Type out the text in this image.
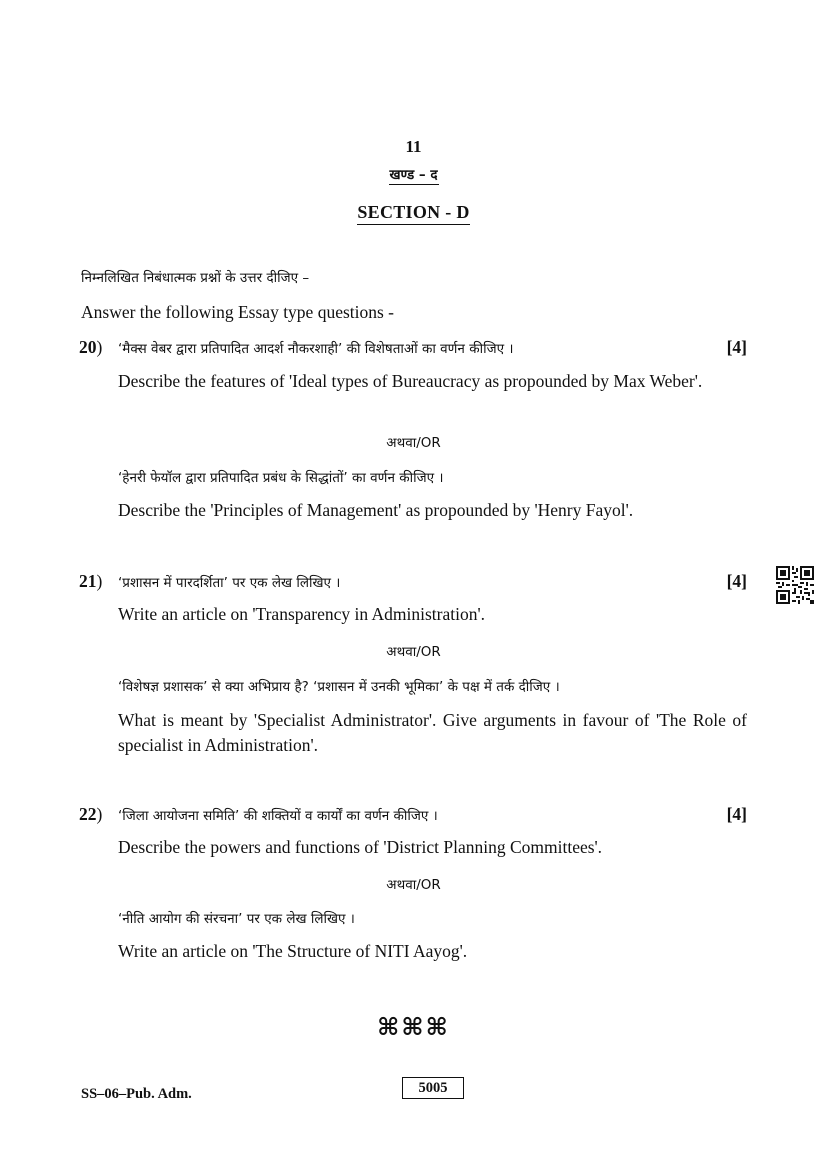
11
खण्ड – द
SECTION - D
निम्नलिखित निबंधात्मक प्रश्नों के उत्तर दीजिए –
Answer the following Essay type questions -
20) ‘मैक्स वेबर द्वारा प्रतिपादित आदर्श नौकरशाही’ की विशेषताओं का वर्णन कीजिए ।	[4]
Describe the features of 'Ideal types of Bureaucracy as propounded by Max Weber'.
अथवा/OR
‘हेनरी फेयॉल द्वारा प्रतिपादित प्रबंध के सिद्धांतों’ का वर्णन कीजिए ।
Describe the 'Principles of Management' as propounded by 'Henry Fayol'.
21) ‘प्रशासन में पारदर्शिता’ पर एक लेख लिखिए ।	[4]
Write an article on 'Transparency in Administration'.
अथवा/OR
‘विशेषज्ञ प्रशासक’ से क्या अभिप्राय है? ‘प्रशासन में उनकी भूमिका’ के पक्ष में तर्क दीजिए ।
What is meant by 'Specialist Administrator'. Give arguments in favour of 'The Role of specialist in Administration'.
22) ‘जिला आयोजना समिति’ की शक्तियों व कार्यों का वर्णन कीजिए ।	[4]
Describe the powers and functions of 'District Planning Committees'.
अथवा/OR
‘नीति आयोग की संरचना’ पर एक लेख लिखिए ।
Write an article on 'The Structure of NITI Aayog'.
⌘⌘⌘
SS–06–Pub. Adm.	5005
